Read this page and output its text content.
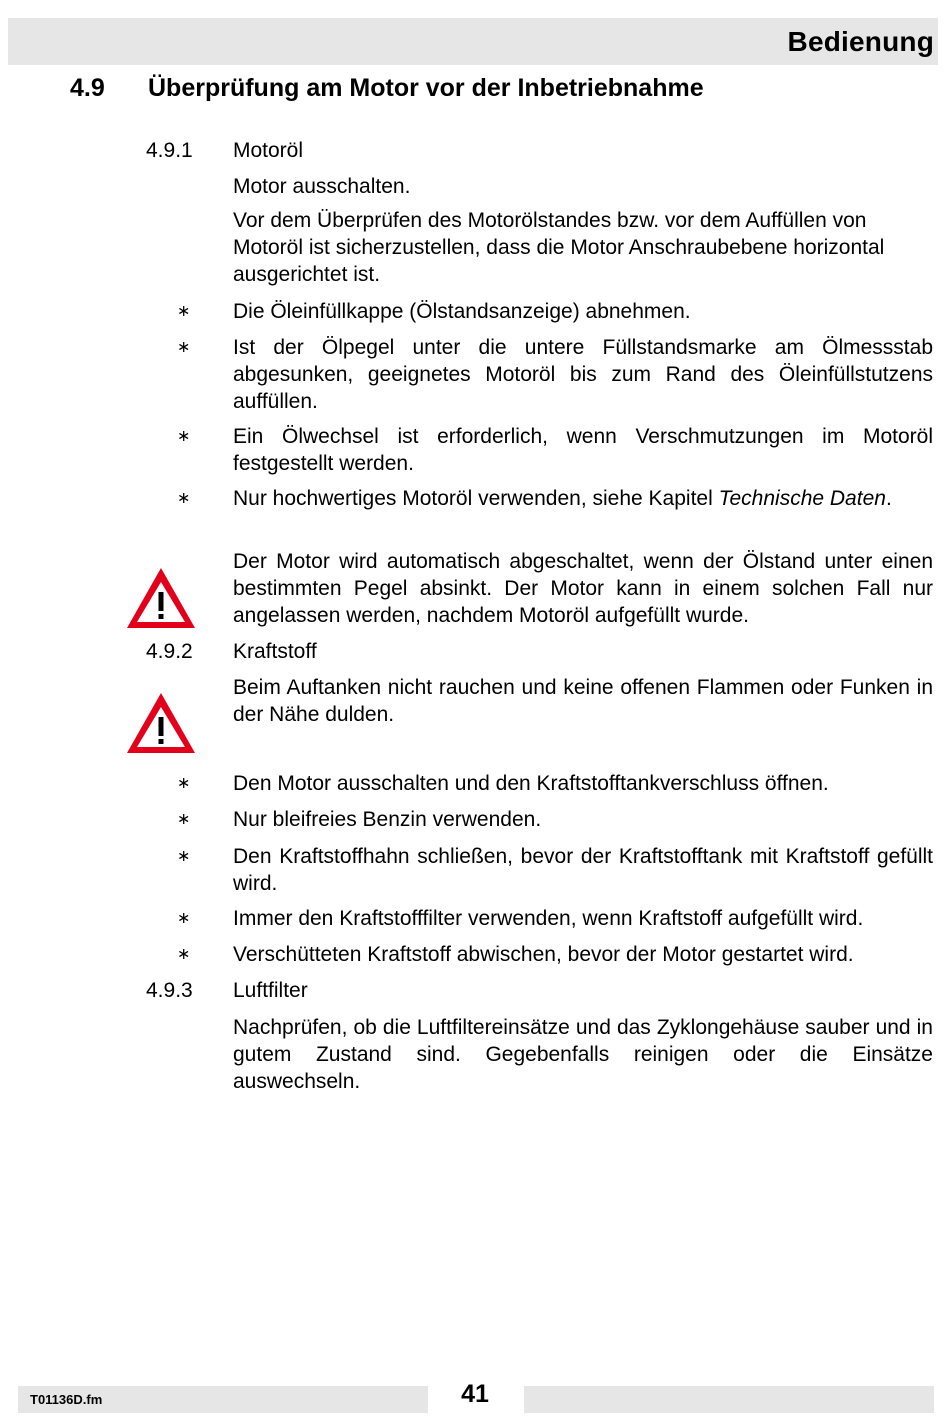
Bedienung
4.9 Überprüfung am Motor vor der Inbetriebnahme
4.9.1 Motoröl
Motor ausschalten.
Vor dem Überprüfen des Motorölstandes bzw. vor dem Auffüllen von Motoröl ist sicherzustellen, dass die Motor Anschraubebene horizontal ausgerichtet ist.
∗ Die Öleinfüllkappe (Ölstandsanzeige) abnehmen.
∗ Ist der Ölpegel unter die untere Füllstandsmarke am Ölmessstab abgesunken, geeignetes Motoröl bis zum Rand des Öleinfüllstutzens auffüllen.
∗ Ein Ölwechsel ist erforderlich, wenn Verschmutzungen im Motoröl festgestellt werden.
∗ Nur hochwertiges Motoröl verwenden, siehe Kapitel Technische Daten.
Der Motor wird automatisch abgeschaltet, wenn der Ölstand unter einen bestimmten Pegel absinkt. Der Motor kann in einem solchen Fall nur angelassen werden, nachdem Motoröl aufgefüllt wurde.
4.9.2 Kraftstoff
Beim Auftanken nicht rauchen und keine offenen Flammen oder Funken in der Nähe dulden.
∗ Den Motor ausschalten und den Kraftstofftankverschluss öffnen.
∗ Nur bleifreies Benzin verwenden.
∗ Den Kraftstoffhahn schließen, bevor der Kraftstofftank mit Kraftstoff gefüllt wird.
∗ Immer den Kraftstofffilter verwenden, wenn Kraftstoff aufgefüllt wird.
∗ Verschütteten Kraftstoff abwischen, bevor der Motor gestartet wird.
4.9.3 Luftfilter
Nachprüfen, ob die Luftfiltereinsätze und das Zyklongehäuse sauber und in gutem Zustand sind. Gegebenfalls reinigen oder die Einsätze auswechseln.
T01136D.fm	41
